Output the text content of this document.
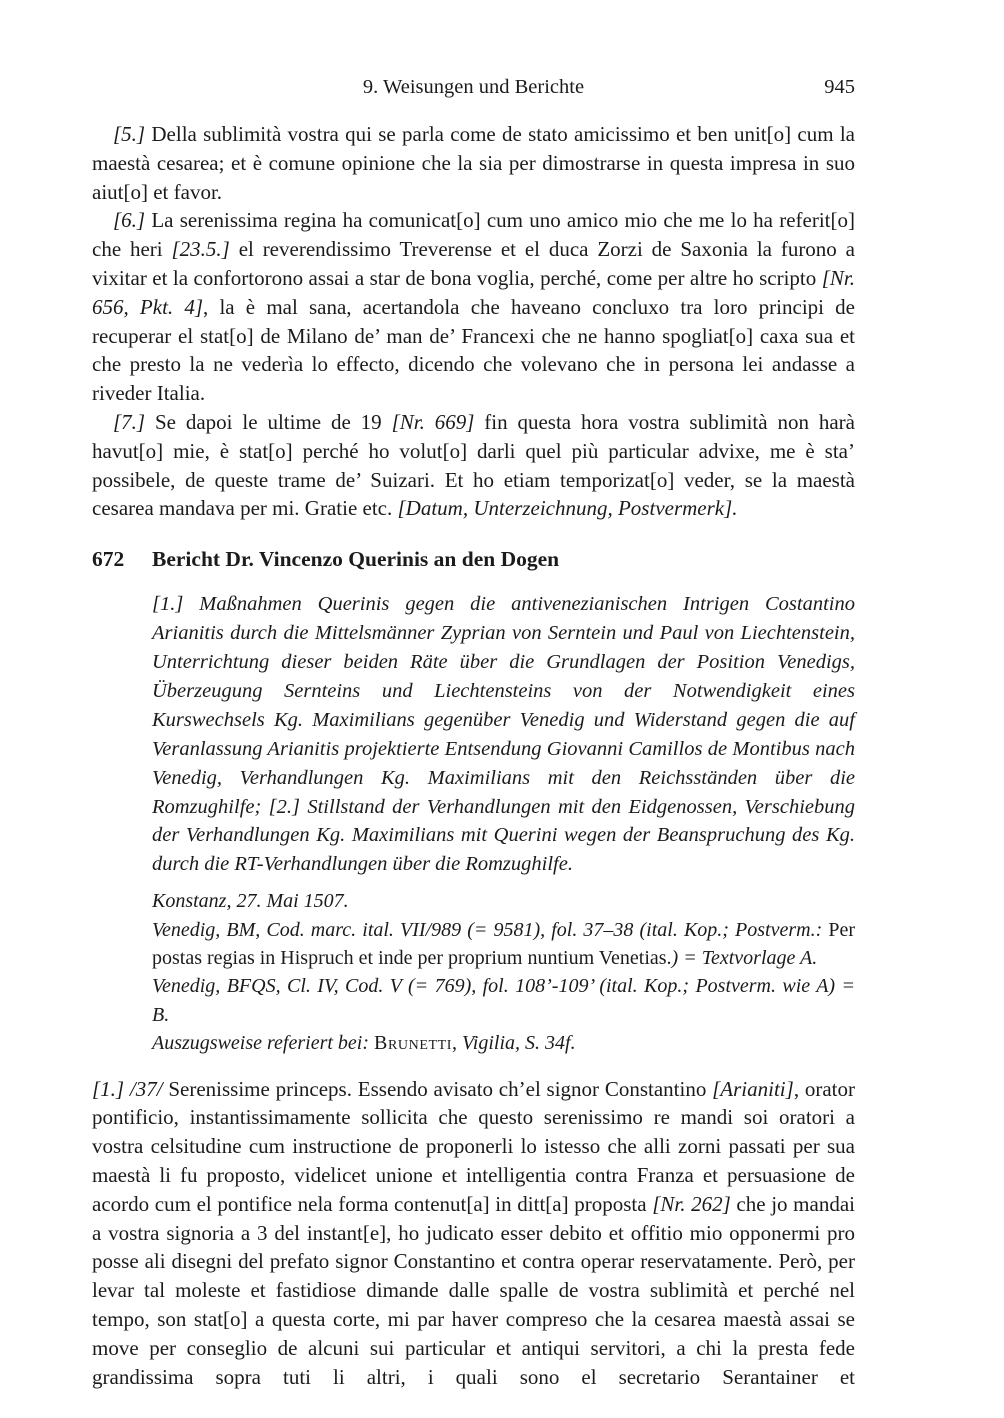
9. Weisungen und Berichte	945

[5.] Della sublimità vostra qui se parla come de stato amicissimo et ben unit[o] cum la maestà cesarea; et è comune opinione che la sia per dimostrarse in questa impresa in suo aiut[o] et favor.

[6.] La serenissima regina ha comunicat[o] cum uno amico mio che me lo ha referit[o] che heri [23.5.] el reverendissimo Treverense et el duca Zorzi de Saxonia la furono a vixitar et la confortorono assai a star de bona voglia, perché, come per altre ho scripto [Nr. 656, Pkt. 4], la è mal sana, acertandola che haveano concluxo tra loro principi de recuperar el stat[o] de Milano de’ man de’ Francexi che ne hanno spogliat[o] caxa sua et che presto la ne vederìa lo effecto, dicendo che volevano che in persona lei andasse a riveder Italia.

[7.] Se dapoi le ultime de 19 [Nr. 669] fin questa hora vostra sublimità non harà havut[o] mie, è stat[o] perché ho volut[o] darli quel più particular advixe, me è sta’ possibele, de queste trame de’ Suizari. Et ho etiam temporizat[o] veder, se la maestà cesarea mandava per mi. Gratie etc. [Datum, Unterzeichnung, Postvermerk].

672	Bericht Dr. Vincenzo Querinis an den Dogen

[1.] Maßnahmen Querinis gegen die antivenezianischen Intrigen Costantino Arianitis durch die Mittelsmänner Zyprian von Serntein und Paul von Liechtenstein, Unterrichtung dieser beiden Räte über die Grundlagen der Position Venedigs, Überzeugung Sernteins und Liechtensteins von der Notwendigkeit eines Kurswechsels Kg. Maximilians gegenüber Venedig und Widerstand gegen die auf Veranlassung Arianitis projektierte Entsendung Giovanni Camillos de Montibus nach Venedig, Verhandlungen Kg. Maximilians mit den Reichsständen über die Romzughilfe; [2.] Stillstand der Verhandlungen mit den Eidgenossen, Verschiebung der Verhandlungen Kg. Maximilians mit Querini wegen der Beanspruchung des Kg. durch die RT-Verhandlungen über die Romzughilfe.

Konstanz, 27. Mai 1507.

Venedig, BM, Cod. marc. ital. VII/989 (= 9581), fol. 37–38 (ital. Kop.; Postverm.: Per postas regias in Hispruch et inde per proprium nuntium Venetias.) = Textvorlage A.

Venedig, BFQS, Cl. IV, Cod. V (= 769), fol. 108’-109’ (ital. Kop.; Postverm. wie A) = B.

Auszugsweise referiert bei: Brunetti, Vigilia, S. 34f.

[1.] /37/ Serenissime princeps. Essendo avisato ch’el signor Constantino [Arianiti], orator pontificio, instantissimamente sollicita che questo serenissimo re mandi soi oratori a vostra celsitudine cum instructione de proponerli lo istesso che alli zorni passati per sua maestà li fu proposto, videlicet unione et intelligentia contra Franza et persuasione de acordo cum el pontifice nela forma contenut[a] in ditt[a] proposta [Nr. 262] che jo mandai a vostra signoria a 3 del instant[e], ho judicato esser debito et offitio mio opponermi pro posse ali disegni del prefato signor Constantino et contra operar reservatamente. Però, per levar tal moleste et fastidiose dimande dalle spalle de vostra sublimità et perché nel tempo, son stat[o] a questa corte, mi par haver compreso che la cesarea maestà assai se move per conseglio de alcuni sui particular et antiqui servitori, a chi la presta fede grandissima sopra tuti li altri, i quali sono el secretario Serantainer et
